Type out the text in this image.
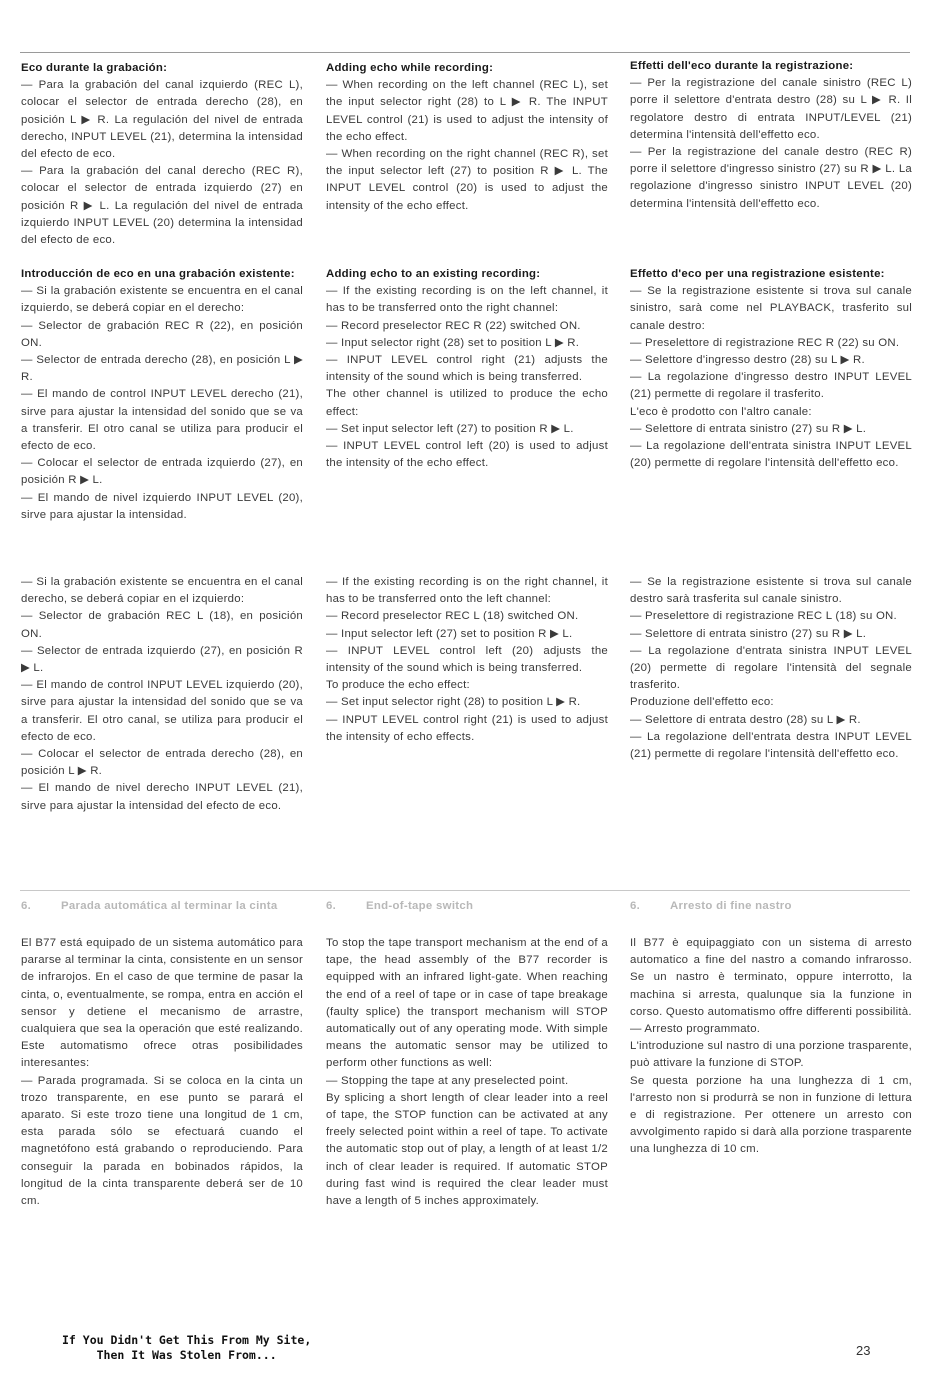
Eco durante la grabación:

— Para la grabación del canal izquierdo (REC L), colocar el selector de entrada derecho (28), en posición L ▶ R. La regulación del nivel de entrada derecho, INPUT LEVEL (21), determina la intensidad del efecto de eco.

— Para la grabación del canal derecho (REC R), colocar el selector de entrada izquierdo (27) en posición R ▶ L. La regulación del nivel de entrada izquierdo INPUT LEVEL (20) determina la intensidad del efecto de eco.

Adding echo while recording:

— When recording on the left channel (REC L), set the input selector right (28) to L ▶ R. The INPUT LEVEL control (21) is used to adjust the intensity of the echo effect.

— When recording on the right channel (REC R), set the input selector left (27) to position R ▶ L. The INPUT LEVEL control (20) is used to adjust the intensity of the echo effect.

Effetti dell'eco durante la registrazione:

— Per la registrazione del canale sinistro (REC L) porre il selettore d'entrata destro (28) su L ▶ R. Il regolatore destro di entrata INPUT/LEVEL (21) determina l'intensità dell'effetto eco.

— Per la registrazione del canale destro (REC R) porre il selettore d'ingresso sinistro (27) su R ▶ L. La regolazione d'ingresso sinistro INPUT LEVEL (20) determina l'intensità dell'effetto eco.

Introducción de eco en una grabación existente:

— Si la grabación existente se encuentra en el canal izquierdo, se deberá copiar en el derecho:

— Selector de grabación REC R (22), en posición ON.

— Selector de entrada derecho (28), en posición L ▶ R.

— El mando de control INPUT LEVEL derecho (21), sirve para ajustar la intensidad del sonido que se va a transferir. El otro canal se utiliza para producir el efecto de eco.

— Colocar el selector de entrada izquierdo (27), en posición R ▶ L.

— El mando de nivel izquierdo INPUT LEVEL (20), sirve para ajustar la intensidad.

Adding echo to an existing recording:

— If the existing recording is on the left channel, it has to be transferred onto the right channel:

— Record preselector REC R (22) switched ON.

— Input selector right (28) set to position L ▶ R.

— INPUT LEVEL control right (21) adjusts the intensity of the sound which is being transferred.

The other channel is utilized to produce the echo effect:

— Set input selector left (27) to position R ▶ L.

— INPUT LEVEL control left (20) is used to adjust the intensity of the echo effect.

Effetto d'eco per una registrazione esistente:

— Se la registrazione esistente si trova sul canale sinistro, sarà come nel PLAYBACK, trasferito sul canale destro:

— Preselettore di registrazione REC R (22) su ON.

— Selettore d'ingresso destro (28) su L ▶ R.

— La regolazione d'ingresso destro INPUT LEVEL (21) permette di regolare il trasferito.

L'eco è prodotto con l'altro canale:

— Selettore di entrata sinistro (27) su R ▶ L.

— La regolazione dell'entrata sinistra INPUT LEVEL (20) permette di regolare l'intensità dell'effetto eco.

— Si la grabación existente se encuentra en el canal derecho, se deberá copiar en el izquierdo:

— Selector de grabación REC L (18), en posición ON.

— Selector de entrada izquierdo (27), en posición R ▶ L.

— El mando de control INPUT LEVEL izquierdo (20), sirve para ajustar la intensidad del sonido que se va a transferir. El otro canal, se utiliza para producir el efecto de eco.

— Colocar el selector de entrada derecho (28), en posición L ▶ R.

— El mando de nivel derecho INPUT LEVEL (21), sirve para ajustar la intensidad del efecto de eco.

— If the existing recording is on the right channel, it has to be transferred onto the left channel:

— Record preselector REC L (18) switched ON.

— Input selector left (27) set to position R ▶ L.

— INPUT LEVEL control left (20) adjusts the intensity of the sound which is being transferred.

To produce the echo effect:

— Set input selector right (28) to position L ▶ R.

— INPUT LEVEL control right (21) is used to adjust the intensity of echo effects.

— Se la registrazione esistente si trova sul canale destro sarà trasferita sul canale sinistro.

— Preselettore di registrazione REC L (18) su ON.

— Selettore di entrata sinistro (27) su R ▶ L.

— La regolazione d'entrata sinistra INPUT LEVEL (20) permette di regolare l'intensità del segnale trasferito.

Produzione dell'effetto eco:

— Selettore di entrata destro (28) su L ▶ R.

— La regolazione dell'entrata destra INPUT LEVEL (21) permette di regolare l'intensità dell'effetto eco.

El B77 está equipado de un sistema automático para pararse al terminar la cinta, consistente en un sensor de infrarojos. En el caso de que termine de pasar la cinta, o, eventualmente, se rompa, entra en acción el sensor y detiene el mecanismo de arrastre, cualquiera que sea la operación que esté realizando. Este automatismo ofrece otras posibilidades interesantes:

— Parada programada. Si se coloca en la cinta un trozo transparente, en ese punto se parará el aparato. Si este trozo tiene una longitud de 1 cm, esta parada sólo se efectuará cuando el magnetófono está grabando o reproduciendo. Para conseguir la parada en bobinados rápidos, la longitud de la cinta transparente deberá ser de 10 cm.

To stop the tape transport mechanism at the end of a tape, the head assembly of the B77 recorder is equipped with an infrared light-gate. When reaching the end of a reel of tape or in case of tape breakage (faulty splice) the transport mechanism will STOP automatically out of any operating mode. With simple means the automatic sensor may be utilized to perform other functions as well:

— Stopping the tape at any preselected point.

By splicing a short length of clear leader into a reel of tape, the STOP function can be activated at any freely selected point within a reel of tape. To activate the automatic stop out of play, a length of at least 1/2 inch of clear leader is required. If automatic STOP during fast wind is required the clear leader must have a length of 5 inches approximately.

Il B77 è equipaggiato con un sistema di arresto automatico a fine del nastro a comando infrarosso. Se un nastro è terminato, oppure interrotto, la machina si arresta, qualunque sia la funzione in corso. Questo automatismo offre differenti possibilità.

— Arresto programmato.

L'introduzione sul nastro di una porzione trasparente, può attivare la funzione di STOP.

Se questa porzione ha una lunghezza di 1 cm, l'arresto non si produrrà se non in funzione di lettura e di registrazione. Per ottenere un arresto con avvolgimento rapido si darà alla porzione trasparente una lunghezza di 10 cm.

6.	Parada automática al terminar la cinta	6.	End-of-tape switch	6.	Arresto di fine nastro
If You Didn't Get This From My Site,
Then It Was Stolen From...	23
